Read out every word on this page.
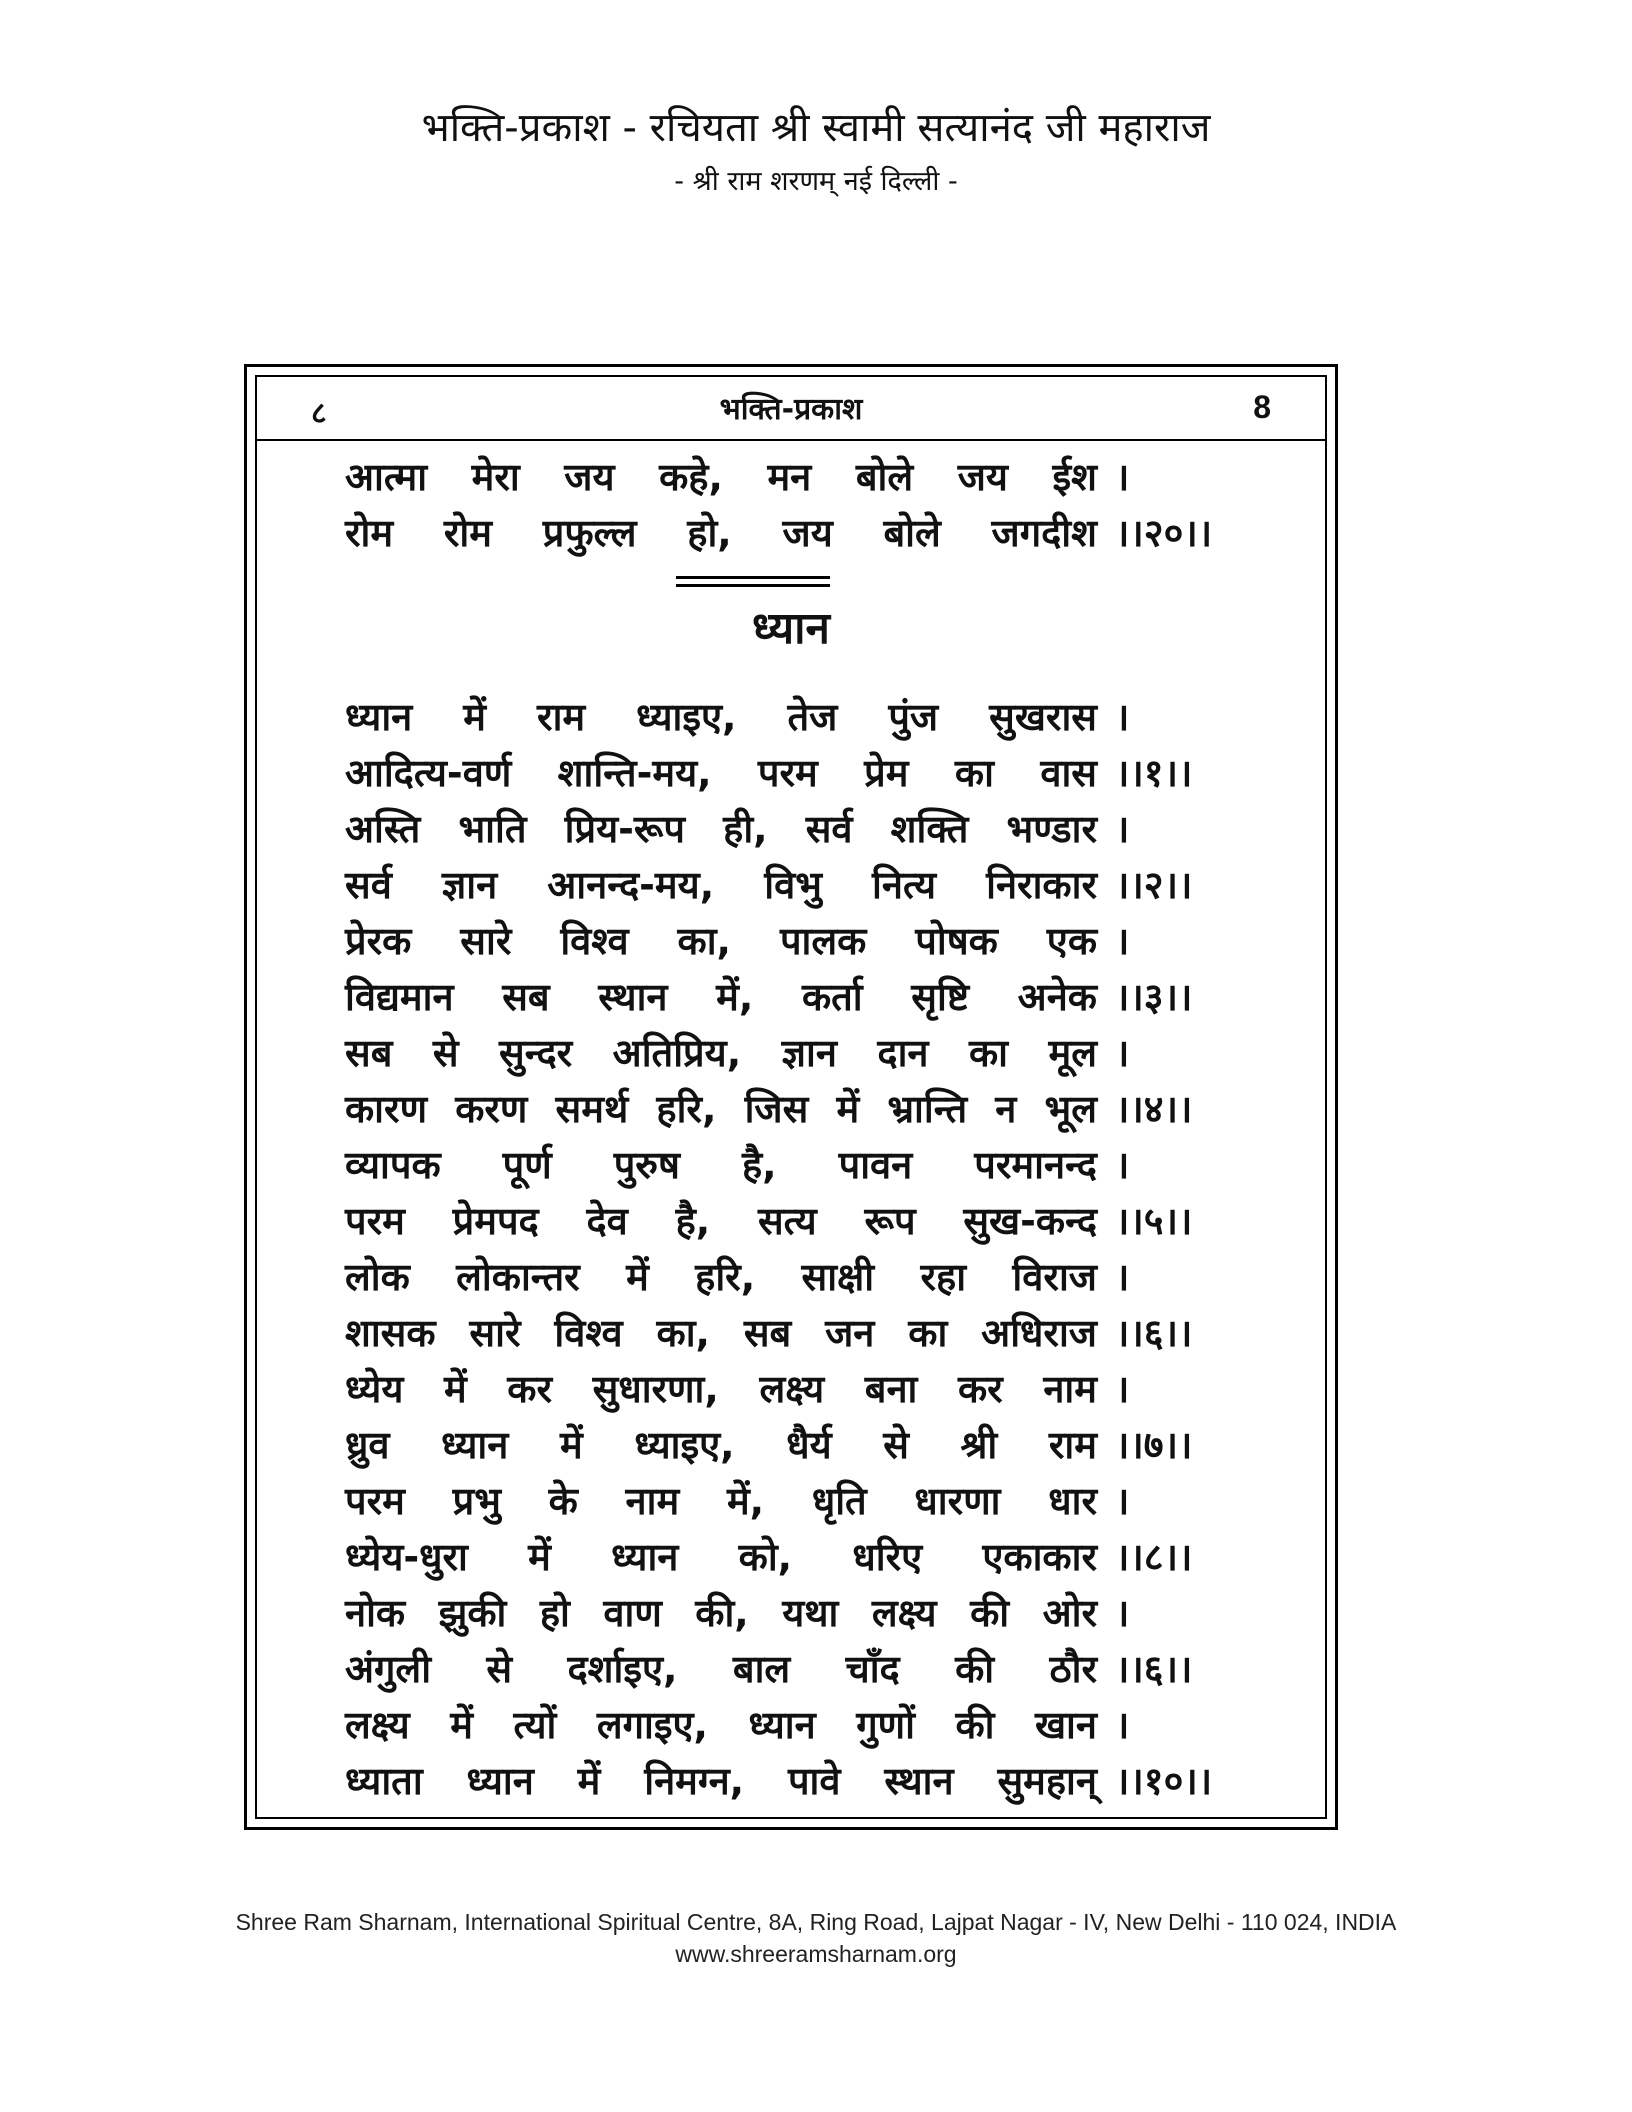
भक्ति-प्रकाश - रचियता श्री स्वामी सत्यानंद जी महाराज
- श्री राम शरणम् नई दिल्ली -
८	भक्ति-प्रकाश	8
आत्मा मेरा जय कहे, मन बोले जय ईश ।
रोम रोम प्रफुल्ल हो, जय बोले जगदीश ।।२०।।
ध्यान
ध्यान में राम ध्याइए, तेज पुंज सुखरास ।
आदित्य-वर्ण शान्ति-मय, परम प्रेम का वास ।।१।।
अस्ति भाति प्रिय-रूप ही, सर्व शक्ति भण्डार ।
सर्व ज्ञान आनन्द-मय, विभु नित्य निराकार ।।२।।
प्रेरक सारे विश्व का, पालक पोषक एक ।
विद्यमान सब स्थान में, कर्ता सृष्टि अनेक ।।३।।
सब से सुन्दर अतिप्रिय, ज्ञान दान का मूल ।
कारण करण समर्थ हरि, जिस में भ्रान्ति न भूल ।।४।।
व्यापक पूर्ण पुरुष है, पावन परमानन्द ।
परम प्रेमपद देव है, सत्य रूप सुख-कन्द ।।५।।
लोक लोकान्तर में हरि, साक्षी रहा विराज ।
शासक सारे विश्व का, सब जन का अधिराज ।।६।।
ध्येय में कर सुधारणा, लक्ष्य बना कर नाम ।
ध्रुव ध्यान में ध्याइए, धैर्य से श्री राम ।।७।।
परम प्रभु के नाम में, धृति धारणा धार ।
ध्येय-धुरा में ध्यान को, धरिए एकाकार ।।८।।
नोक झुकी हो वाण की, यथा लक्ष्य की ओर ।
अंगुली से दर्शाइए, बाल चाँद की ठौर ।।६।।
लक्ष्य में त्यों लगाइए, ध्यान गुणों की खान ।
ध्याता ध्यान में निमग्न, पावे स्थान सुमहान् ।।१०।।
Shree Ram Sharnam, International Spiritual Centre, 8A, Ring Road, Lajpat Nagar - IV, New Delhi - 110 024, INDIA
www.shreeramsharnam.org
